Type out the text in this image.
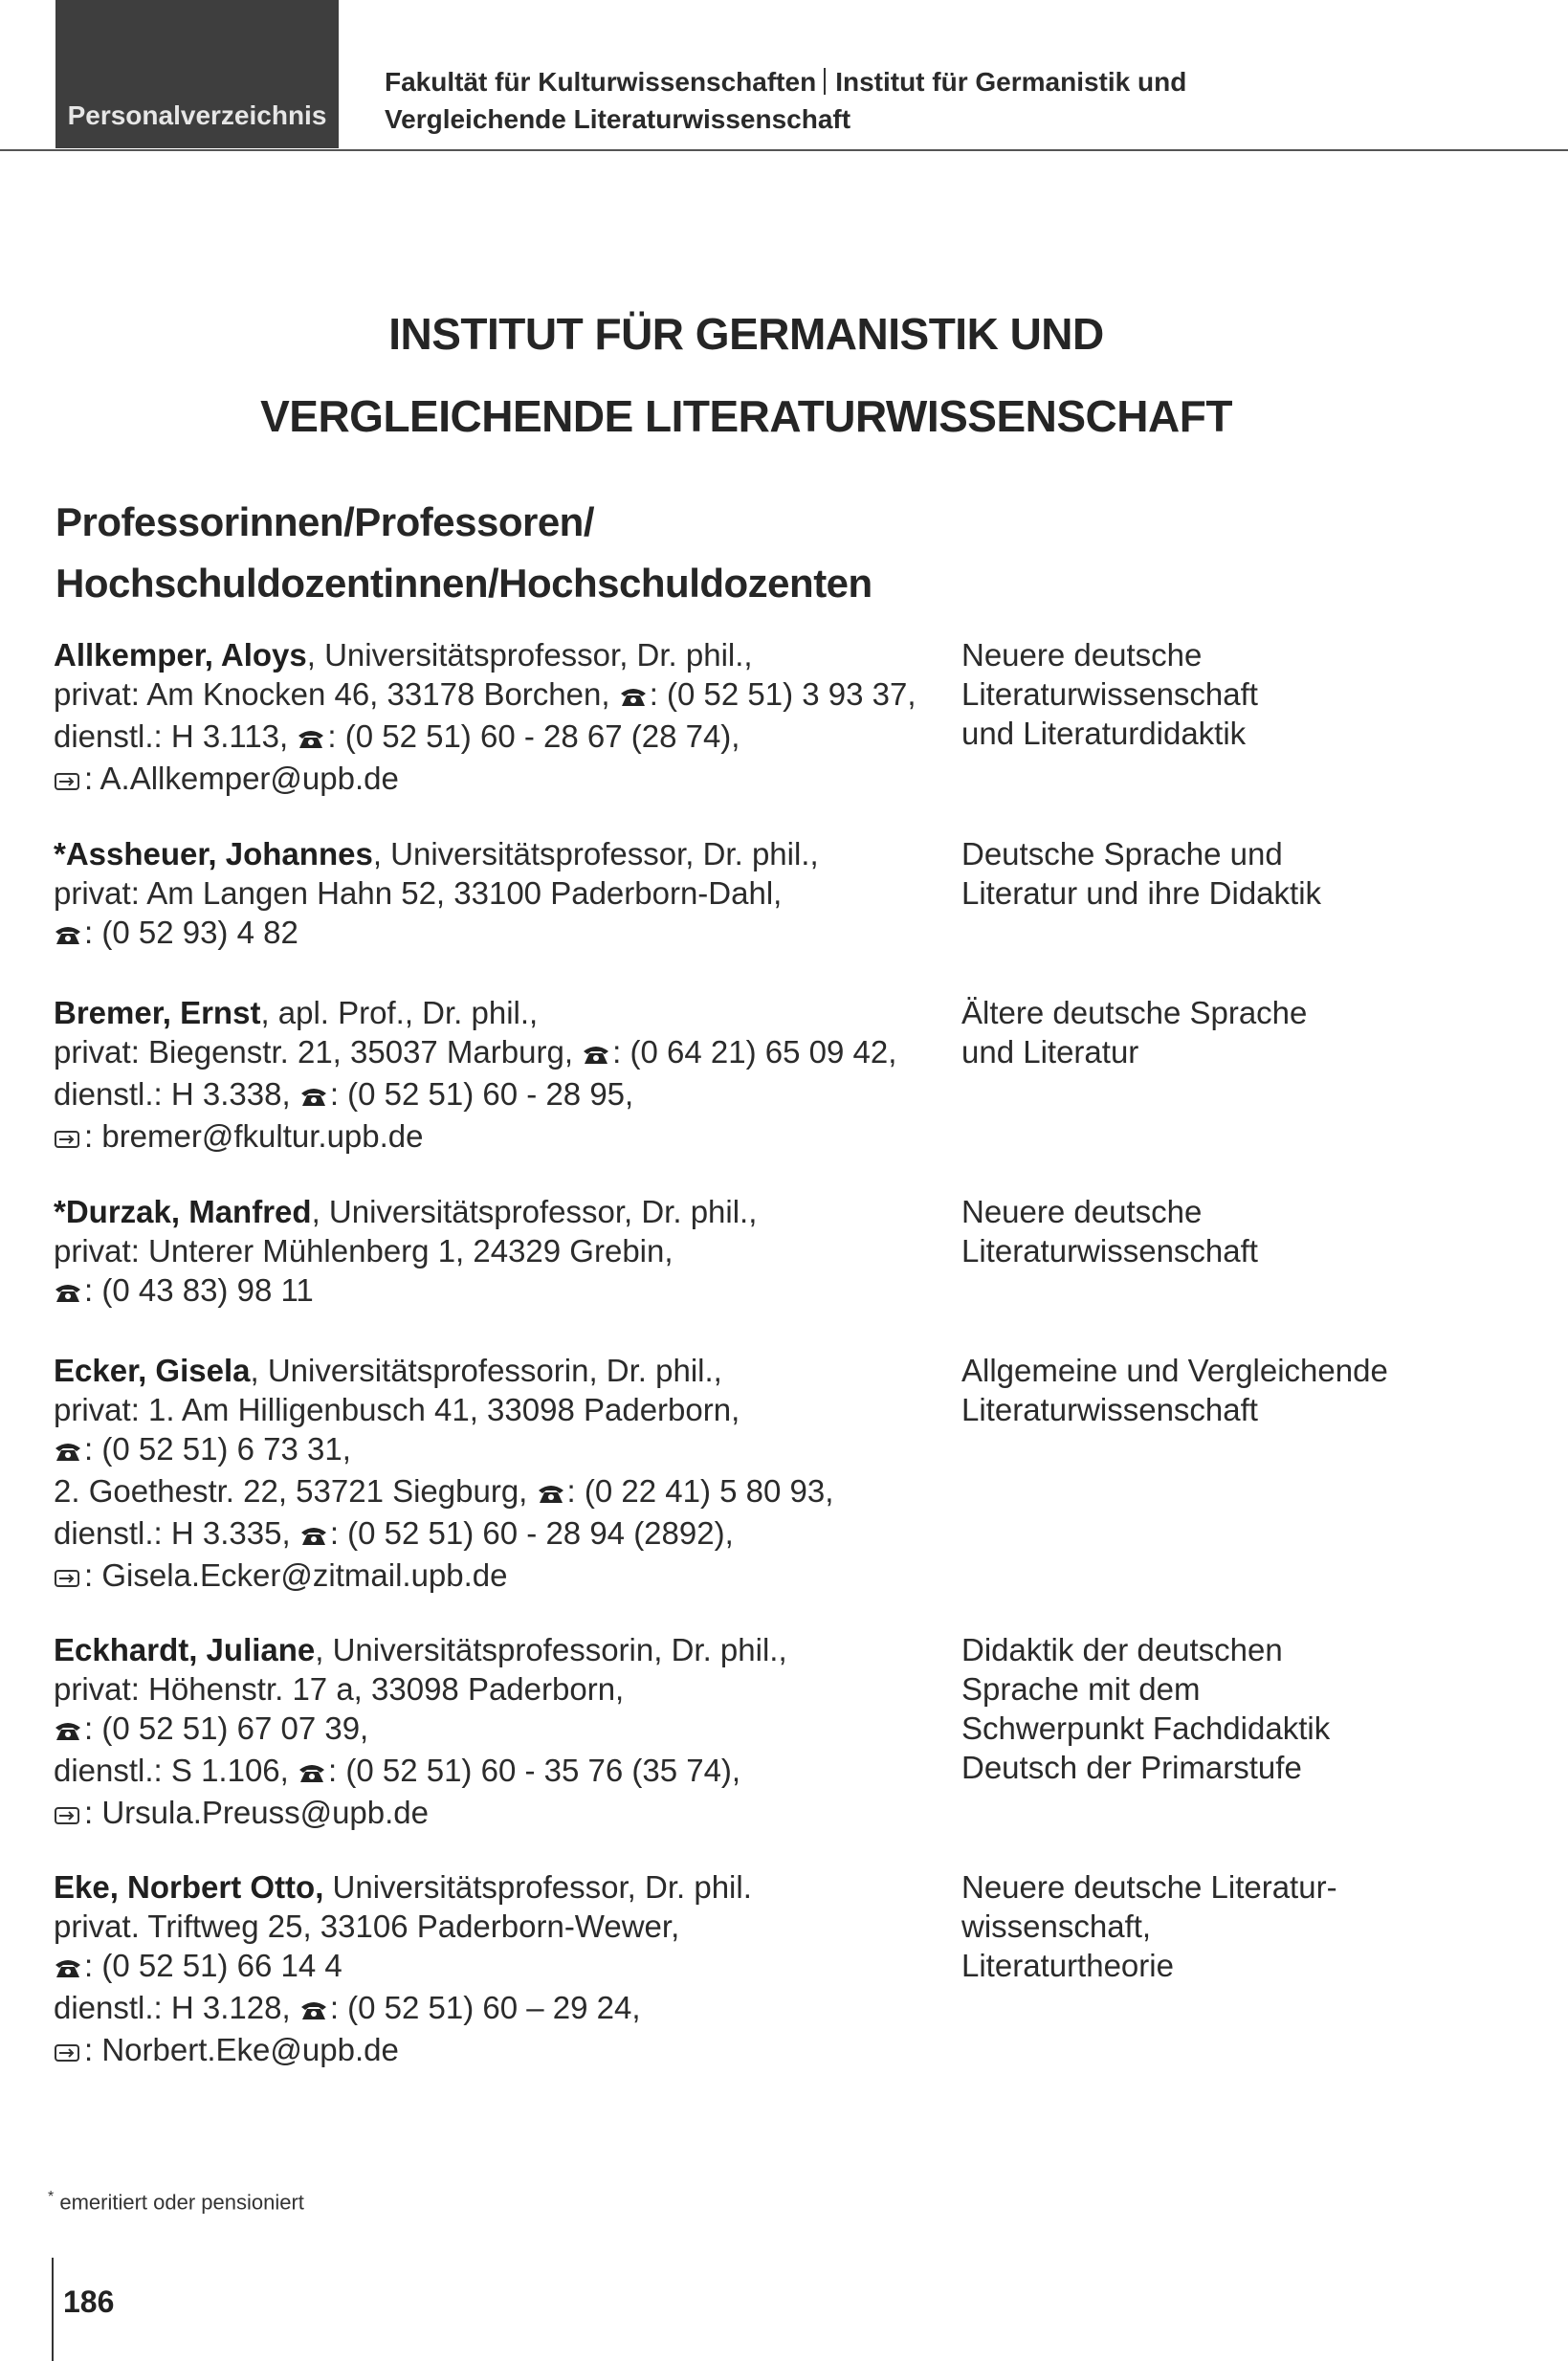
Personalverzeichnis
Fakultät für Kulturwissenschaften Institut für Germanistik und
Vergleichende Literaturwissenschaft
INSTITUT FÜR GERMANISTIK UND
VERGLEICHENDE LITERATURWISSENSCHAFT
Professorinnen/Professoren/
Hochschuldozentinnen/Hochschuldozenten
Allkemper, Aloys, Universitätsprofessor, Dr. phil.,
privat: Am Knocken 46, 33178 Borchen, : (0 52 51) 3 93 37,
dienstl.: H 3.113, : (0 52 51) 60 - 28 67 (28 74),
: A.Allkemper@upb.de
Neuere deutsche
Literaturwissenschaft
und Literaturdidaktik
*Assheuer, Johannes, Universitätsprofessor, Dr. phil.,
privat: Am Langen Hahn 52, 33100 Paderborn-Dahl,
: (0 52 93) 4 82
Deutsche Sprache und
Literatur und ihre Didaktik
Bremer, Ernst, apl. Prof., Dr. phil.,
privat: Biegenstr. 21, 35037 Marburg, : (0 64 21) 65 09 42,
dienstl.: H 3.338, : (0 52 51) 60 - 28 95,
: bremer@fkultur.upb.de
Ältere deutsche Sprache
und Literatur
*Durzak, Manfred, Universitätsprofessor, Dr. phil.,
privat: Unterer Mühlenberg 1, 24329 Grebin,
: (0 43 83) 98 11
Neuere deutsche
Literaturwissenschaft
Ecker, Gisela, Universitätsprofessorin, Dr. phil.,
privat: 1. Am Hilligenbusch 41, 33098 Paderborn,
: (0 52 51) 6 73 31,
2. Goethestr. 22, 53721 Siegburg, : (0 22 41) 5 80 93,
dienstl.: H 3.335, : (0 52 51) 60 - 28 94 (2892),
: Gisela.Ecker@zitmail.upb.de
Allgemeine und Vergleichende
Literaturwissenschaft
Eckhardt, Juliane, Universitätsprofessorin, Dr. phil.,
privat: Höhenstr. 17 a, 33098 Paderborn,
: (0 52 51) 67 07 39,
dienstl.: S 1.106, : (0 52 51) 60 - 35 76 (35 74),
: Ursula.Preuss@upb.de
Didaktik der deutschen
Sprache mit dem
Schwerpunkt Fachdidaktik
Deutsch der Primarstufe
Eke, Norbert Otto, Universitätsprofessor, Dr. phil.
privat. Triftweg 25, 33106 Paderborn-Wewer,
: (0 52 51) 66 14 4
dienstl.: H 3.128, : (0 52 51) 60 – 29 24,
: Norbert.Eke@upb.de
Neuere deutsche Literatur-
wissenschaft,
Literaturtheorie
* emeritiert oder pensioniert
186
